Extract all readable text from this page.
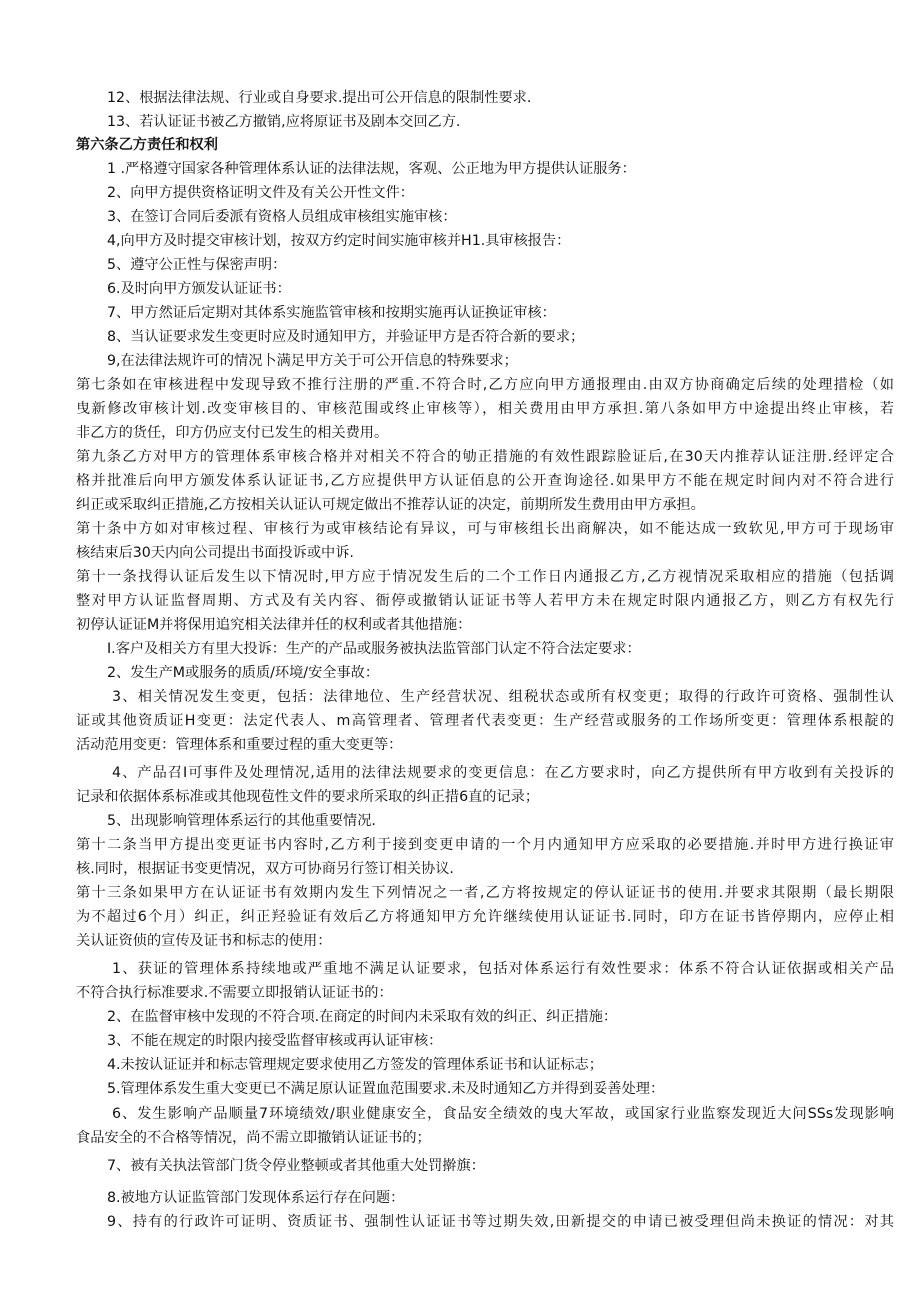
12、根据法律法规、行业或自身要求.提出可公开信息的限制性要求.

13、若认证证书被乙方撤销,应将原证书及剧本交回乙方.

第六条乙方责任和权利

1 .严格遵守国家各种管理体系认证的法律法规，客观、公正地为甲方提供认证服务：

2、向甲方提供资格证明文件及有关公开性文件：

3、在签订合同后委派有资格人员组成审核组实施审核：

4,向甲方及时提交审核计划，按双方约定时间实施审核并H1.具审核报告：

5、遵守公正性与保密声明：

6.及时向甲方颁发认证证书：

7、甲方然证后定期对其体系实施监管审核和按期实施再认证换证审核：

8、当认证要求发生变更时应及时通知甲方，并验证甲方是否符合新的要求；

9,在法律法规许可的情况卜满足甲方关于可公开信息的特殊要求；

第七条如在审核进程中发现导致不推行注册的严重.不符合时,乙方应向甲方通报理由.由双方协商确定后续的处理措检（如

曳新修改审核计划.改变审核目的、审核范围或终止审核等），相关费用由甲方承担.第八条如甲方中途提出终止审核，若

非乙方的货任，印方仍应支付已发生的相关费用。

第九条乙方对甲方的管理体系审核合格并对相关不符合的劬正措施的有效性跟踪脸证后,在30天内推荐认证注册.经评定合

格并批准后向甲方颁发体系认证证书,乙方应提供甲方认证佰息的公开查询途径.如果甲方不能在规定时间内对不符合进行

纠正或采取纠正措施,乙方按相关认证认可规定做出不推荐认证的决定，前期所发生费用由甲方承担。

第十条中方如对审核过程、审核行为或审核结论有异议，可与审核组长出商解决，如不能达成一致软见,甲方可于现场审

核结束后30天内向公司提出书面投诉或中诉.

第十一条找得认证后发生以下情况时,甲方应于情况发生后的二个工作日内通报乙方,乙方视情况采取相应的措施（包括调

整对甲方认证监督周期、方式及有关内容、衙停或撤销认证证书等人若甲方未在规定时限内通报乙方，则乙方有权先行

初停认证证M并将保用追究相关法律并任的权利或者其他措施：

I.客户及相关方有里大投诉：生产的产品或服务被执法监管部门认定不符合法定要求：

2、发生产M或服务的质质/环境/安全事故：

3、相关情况发生变更，包括：法律地位、生产经营状况、组税状态或所有权变更；取得的行政许可资格、强制性认

证或其他资质证H变更：法定代表人、m高管理者、管理者代表变更：生产经营或服务的工作场所变更：管理体系根靛的

活动范用变更：管理体系和重要过程的重大变更等：

4、产品召I可事件及处理情况,适用的法律法规要求的变更信息：在乙方要求时，向乙方提供所有甲方收到有关投诉的

记录和依据体系标准或其他现苞性文件的要求所采取的纠正措6直的记录；

5、出现影响管理体系运行的其他重要情况.

第十二条当甲方提出变更证书内容时,乙方利于接到变更申请的一个月内通知甲方应采取的必要措施.并时甲方进行换证审

核.同时，根据证书变更情况，双方可协商另行签订相关协议.

第十三条如果甲方在认证证书有效期内发生下列情况之一者,乙方将按规定的停认证证书的使用.并要求其限期（最长期限

为不超过6个月）纠正，纠正羟验证有效后乙方将通知甲方允许继续使用认证证书.同时，印方在证书皆停期内，应停止相

关认证资侦的宣传及证书和标志的使用：

1、获证的管理体系持续地或严重地不满足认证要求，包括对体系运行有效性要求：体系不符合认证依据或相关产品

不符合执行标准要求.不需要立即报销认证证书的：

2、在监督审核中发现的不符合项.在商定的时间内未采取有效的纠正、纠正措施：

3、不能在规定的时限内接受监督审核或再认证审核：

4.未按认证证并和标志管理规定要求使用乙方签发的管理体系证书和认证标志；

5.管理体系发生重大变更已不满足原认证置血范围要求.未及时通知乙方并得到妥善处理：

6、发生影响产品顺量7环境绩效/职业健康安全，食品安全绩效的曳大军故，或国家行业监察发现近大问SSs发现影响

食品安全的不合格等情况，尚不需立即撤销认证证书的；

7、被有关执法管部门货令停业整顿或者其他重大处罚擀旗：

8.被地方认证监管部门发现体系运行存在问题：

9、持有的行政许可证明、资质证书、强制性认证证书等过期失效,田新提交的申请已被受理但尚未换证的情况：对其
